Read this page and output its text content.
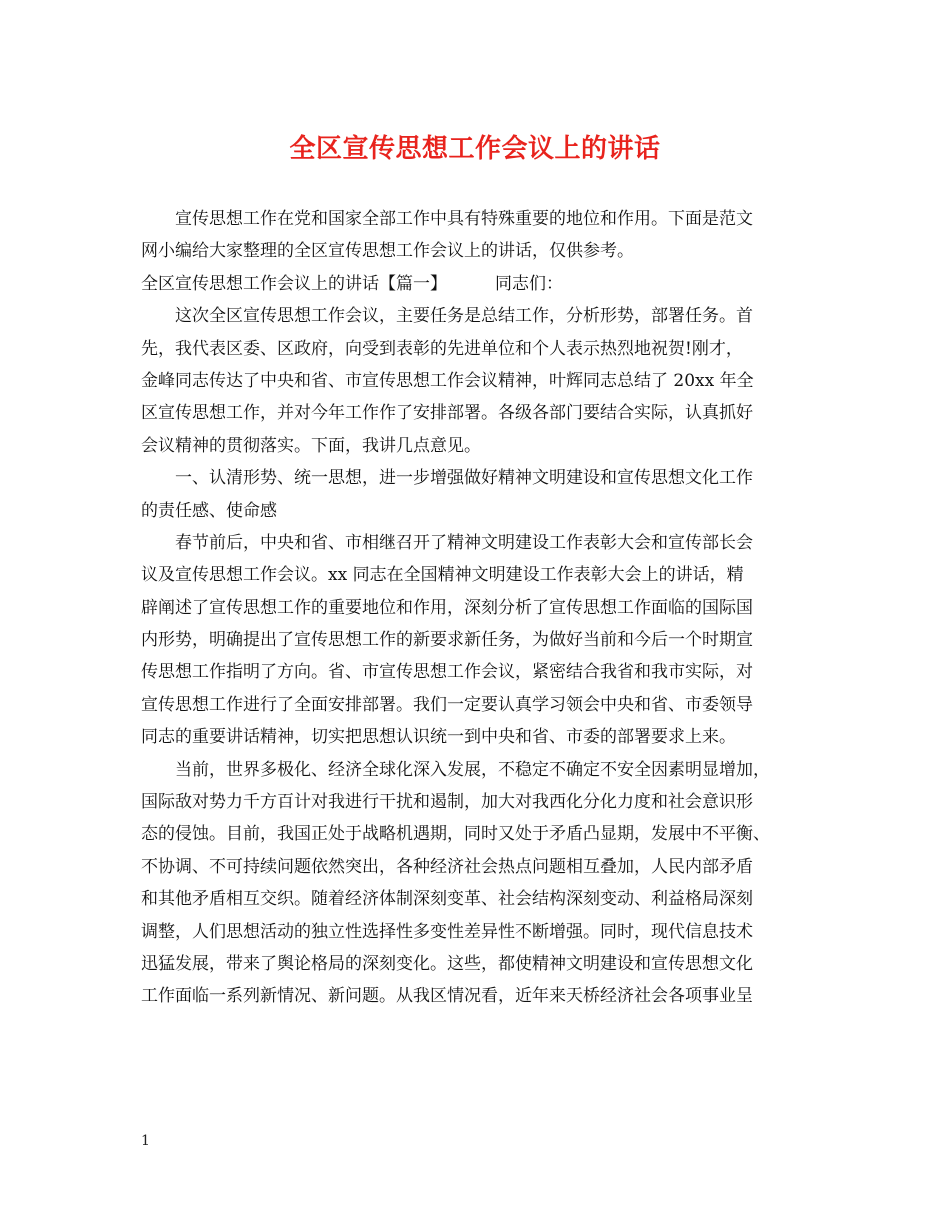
全区宣传思想工作会议上的讲话
宣传思想工作在党和国家全部工作中具有特殊重要的地位和作用。下面是范文
网小编给大家整理的全区宣传思想工作会议上的讲话，仅供参考。
全区宣传思想工作会议上的讲话【篇一】	同志们：
这次全区宣传思想工作会议，主要任务是总结工作，分析形势，部署任务。首
先，我代表区委、区政府，向受到表彰的先进单位和个人表示热烈地祝贺!刚才，
金峰同志传达了中央和省、市宣传思想工作会议精神，叶辉同志总结了 20xx 年全
区宣传思想工作，并对今年工作作了安排部署。各级各部门要结合实际，认真抓好
会议精神的贯彻落实。下面，我讲几点意见。
一、认清形势、统一思想，进一步增强做好精神文明建设和宣传思想文化工作
的责任感、使命感
春节前后，中央和省、市相继召开了精神文明建设工作表彰大会和宣传部长会
议及宣传思想工作会议。xx 同志在全国精神文明建设工作表彰大会上的讲话，精
辟阐述了宣传思想工作的重要地位和作用，深刻分析了宣传思想工作面临的国际国
内形势，明确提出了宣传思想工作的新要求新任务，为做好当前和今后一个时期宣
传思想工作指明了方向。省、市宣传思想工作会议，紧密结合我省和我市实际，对
宣传思想工作进行了全面安排部署。我们一定要认真学习领会中央和省、市委领导
同志的重要讲话精神，切实把思想认识统一到中央和省、市委的部署要求上来。
当前，世界多极化、经济全球化深入发展，不稳定不确定不安全因素明显增加，
国际敌对势力千方百计对我进行干扰和遏制，加大对我西化分化力度和社会意识形
态的侵蚀。目前，我国正处于战略机遇期，同时又处于矛盾凸显期，发展中不平衡、
不协调、不可持续问题依然突出，各种经济社会热点问题相互叠加，人民内部矛盾
和其他矛盾相互交织。随着经济体制深刻变革、社会结构深刻变动、利益格局深刻
调整，人们思想活动的独立性选择性多变性差异性不断增强。同时，现代信息技术
迅猛发展，带来了舆论格局的深刻变化。这些，都使精神文明建设和宣传思想文化
工作面临一系列新情况、新问题。从我区情况看，近年来天桥经济社会各项事业呈
1
